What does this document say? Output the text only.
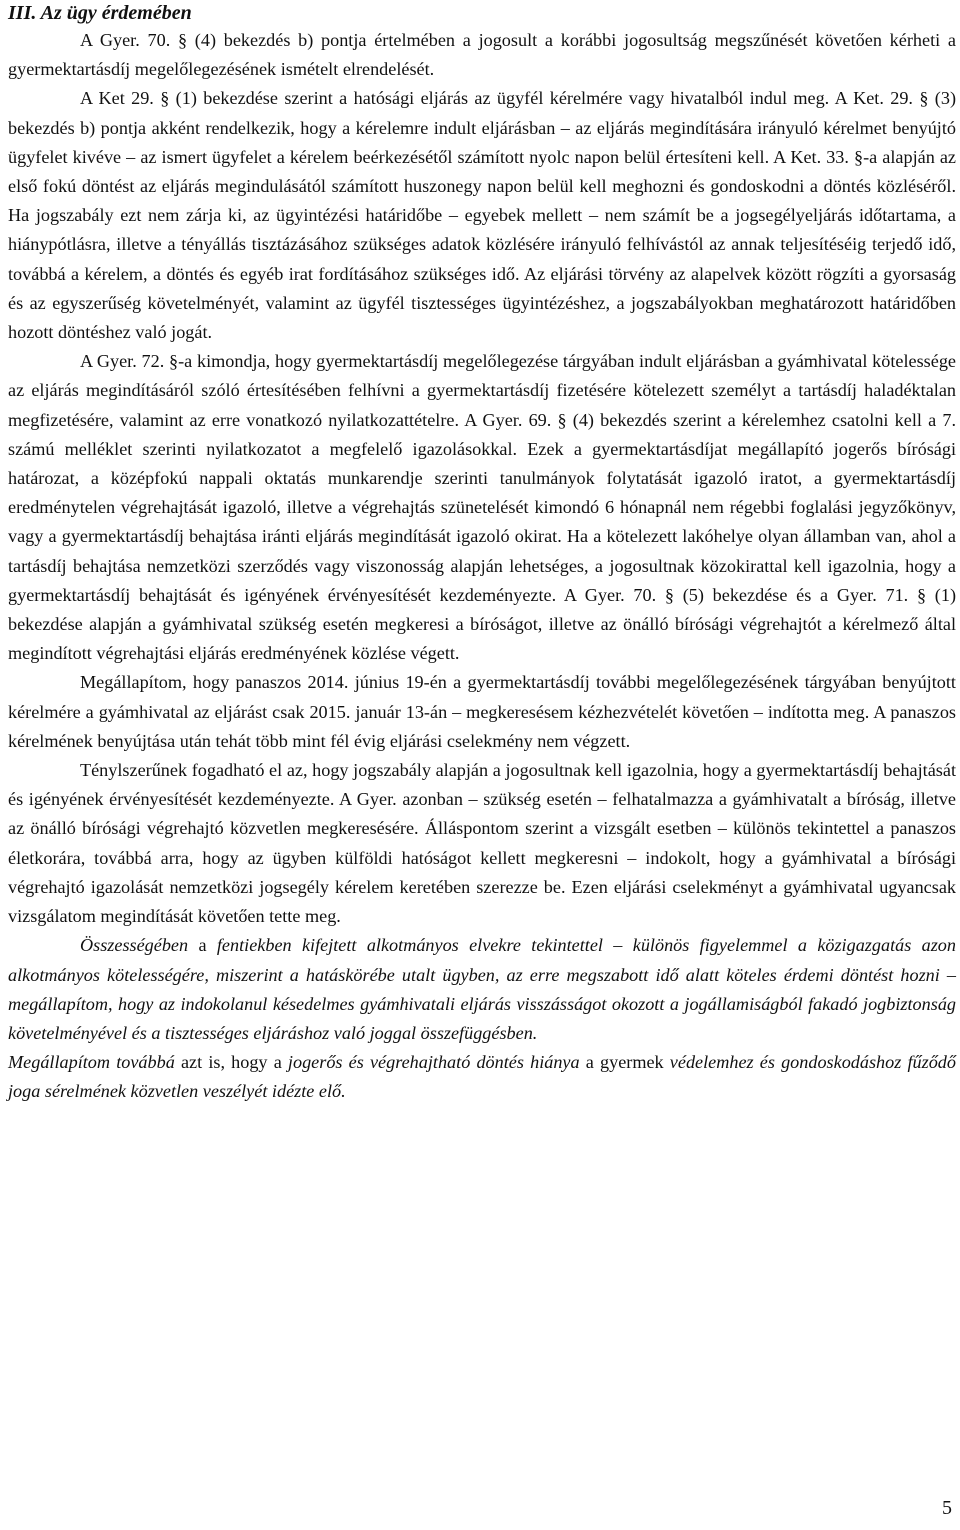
III. Az ügy érdemében

A Gyer. 70. § (4) bekezdés b) pontja értelmében a jogosult a korábbi jogosultság megszűnését követően kérheti a gyermektartásdíj megelőlegezésének ismételt elrendelését.

A Ket 29. § (1) bekezdése szerint a hatósági eljárás az ügyfél kérelmére vagy hivatalból indul meg. A Ket. 29. § (3) bekezdés b) pontja akként rendelkezik, hogy a kérelemre indult eljárásban – az eljárás megindítására irányuló kérelmet benyújtó ügyfelet kivéve – az ismert ügyfelet a kérelem beérkezésétől számított nyolc napon belül értesíteni kell. A Ket. 33. §-a alapján az első fokú döntést az eljárás megindulásától számított huszonegy napon belül kell meghozni és gondoskodni a döntés közléséről. Ha jogszabály ezt nem zárja ki, az ügyintézési határidőbe – egyebek mellett – nem számít be a jogsegélyeljárás időtartama, a hiánypótlásra, illetve a tényállás tisztázásához szükséges adatok közlésére irányuló felhívástól az annak teljesítéséig terjedő idő, továbbá a kérelem, a döntés és egyéb irat fordításához szükséges idő. Az eljárási törvény az alapelvek között rögzíti a gyorsaság és az egyszerűség követelményét, valamint az ügyfél tisztességes ügyintézéshez, a jogszabályokban meghatározott határidőben hozott döntéshez való jogát.

A Gyer. 72. §-a kimondja, hogy gyermektartásdíj megelőlegezése tárgyában indult eljárásban a gyámhivatal kötelessége az eljárás megindításáról szóló értesítésében felhívni a gyermektartásdíj fizetésére kötelezett személyt a tartásdíj haladéktalan megfizetésére, valamint az erre vonatkozó nyilatkozattételre. A Gyer. 69. § (4) bekezdés szerint a kérelemhez csatolni kell a 7. számú melléklet szerinti nyilatkozatot a megfelelő igazolásokkal. Ezek a gyermektartásdíjat megállapító jogerős bírósági határozat, a középfokú nappali oktatás munkarendje szerinti tanulmányok folytatását igazoló iratot, a gyermektartásdíj eredménytelen végrehajtását igazoló, illetve a végrehajtás szünetelését kimondó 6 hónapnál nem régebbi foglalási jegyzőkönyv, vagy a gyermektartásdíj behajtása iránti eljárás megindítását igazoló okirat. Ha a kötelezett lakóhelye olyan államban van, ahol a tartásdíj behajtása nemzetközi szerződés vagy viszonosság alapján lehetséges, a jogosultnak közokirattal kell igazolnia, hogy a gyermektartásdíj behajtását és igényének érvényesítését kezdeményezte. A Gyer. 70. § (5) bekezdése és a Gyer. 71. § (1) bekezdése alapján a gyámhivatal szükség esetén megkeresi a bíróságot, illetve az önálló bírósági végrehajtót a kérelmező által megindított végrehajtási eljárás eredményének közlése végett.

Megállapítom, hogy panaszos 2014. június 19-én a gyermektartásdíj további megelőlegezésének tárgyában benyújtott kérelmére a gyámhivatal az eljárást csak 2015. január 13-án – megkeresésem kézhezvételét követően – indította meg. A panaszos kérelmének benyújtása után tehát több mint fél évig eljárási cselekmény nem végzett.

Ténylszerűnek fogadható el az, hogy jogszabály alapján a jogosultnak kell igazolnia, hogy a gyermektartásdíj behajtását és igényének érvényesítését kezdeményezte. A Gyer. azonban – szükség esetén – felhatalmazza a gyámhivatalt a bíróság, illetve az önálló bírósági végrehajtó közvetlen megkeresésére. Álláspontom szerint a vizsgált esetben – különös tekintettel a panaszos életkorára, továbbá arra, hogy az ügyben külföldi hatóságot kellett megkeresni – indokolt, hogy a gyámhivatal a bírósági végrehajtó igazolását nemzetközi jogsegély kérelem keretében szerezze be. Ezen eljárási cselekményt a gyámhivatal ugyancsak vizsgálatom megindítását követően tette meg.

Összességében a fentiekben kifejtett alkotmányos elvekre tekintettel – különös figyelemmel a közigazgatás azon alkotmányos kötelességére, miszerint a hatáskörébe utalt ügyben, az erre megszabott idő alatt köteles érdemi döntést hozni – megállapítom, hogy az indokolanul késedelmes gyámhivatali eljárás visszásságot okozott a jogállamiságból fakadó jogbiztonság követelményével és a tisztességes eljáráshoz való joggal összefüggésben.

Megállapítom továbbá azt is, hogy a jogerős és végrehajtható döntés hiánya a gyermek védelemhez és gondoskodáshoz fűződő joga sérelmének közvetlen veszélyét idézte elő.

5
